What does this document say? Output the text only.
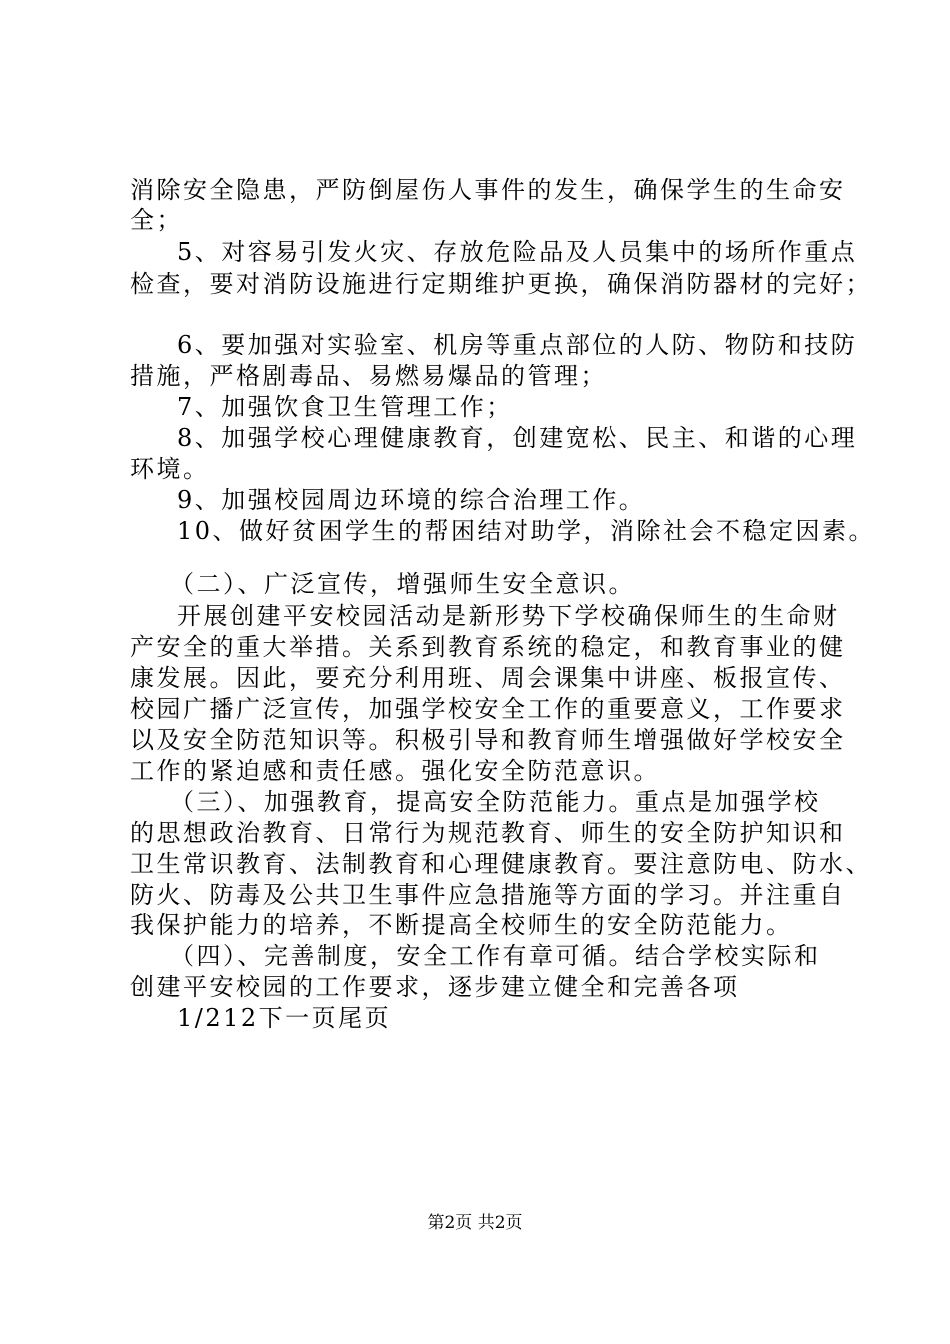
消除安全隐患，严防倒屋伤人事件的发生，确保学生的生命安
全；
5、对容易引发火灾、存放危险品及人员集中的场所作重点
检查，要对消防设施进行定期维护更换，确保消防器材的完好；
6、要加强对实验室、机房等重点部位的人防、物防和技防
措施，严格剧毒品、易燃易爆品的管理；
7、加强饮食卫生管理工作；
8、加强学校心理健康教育，创建宽松、民主、和谐的心理
环境。
9、加强校园周边环境的综合治理工作。
10、做好贫困学生的帮困结对助学，消除社会不稳定因素。
（二）、广泛宣传，增强师生安全意识。
开展创建平安校园活动是新形势下学校确保师生的生命财
产安全的重大举措。关系到教育系统的稳定，和教育事业的健
康发展。因此，要充分利用班、周会课集中讲座、板报宣传、
校园广播广泛宣传，加强学校安全工作的重要意义，工作要求
以及安全防范知识等。积极引导和教育师生增强做好学校安全
工作的紧迫感和责任感。强化安全防范意识。
（三）、加强教育，提高安全防范能力。重点是加强学校
的思想政治教育、日常行为规范教育、师生的安全防护知识和
卫生常识教育、法制教育和心理健康教育。要注意防电、防水、
防火、防毒及公共卫生事件应急措施等方面的学习。并注重自
我保护能力的培养，不断提高全校师生的安全防范能力。
（四）、完善制度，安全工作有章可循。结合学校实际和
创建平安校园的工作要求，逐步建立健全和完善各项
1/212下一页尾页
第2页 共2页
